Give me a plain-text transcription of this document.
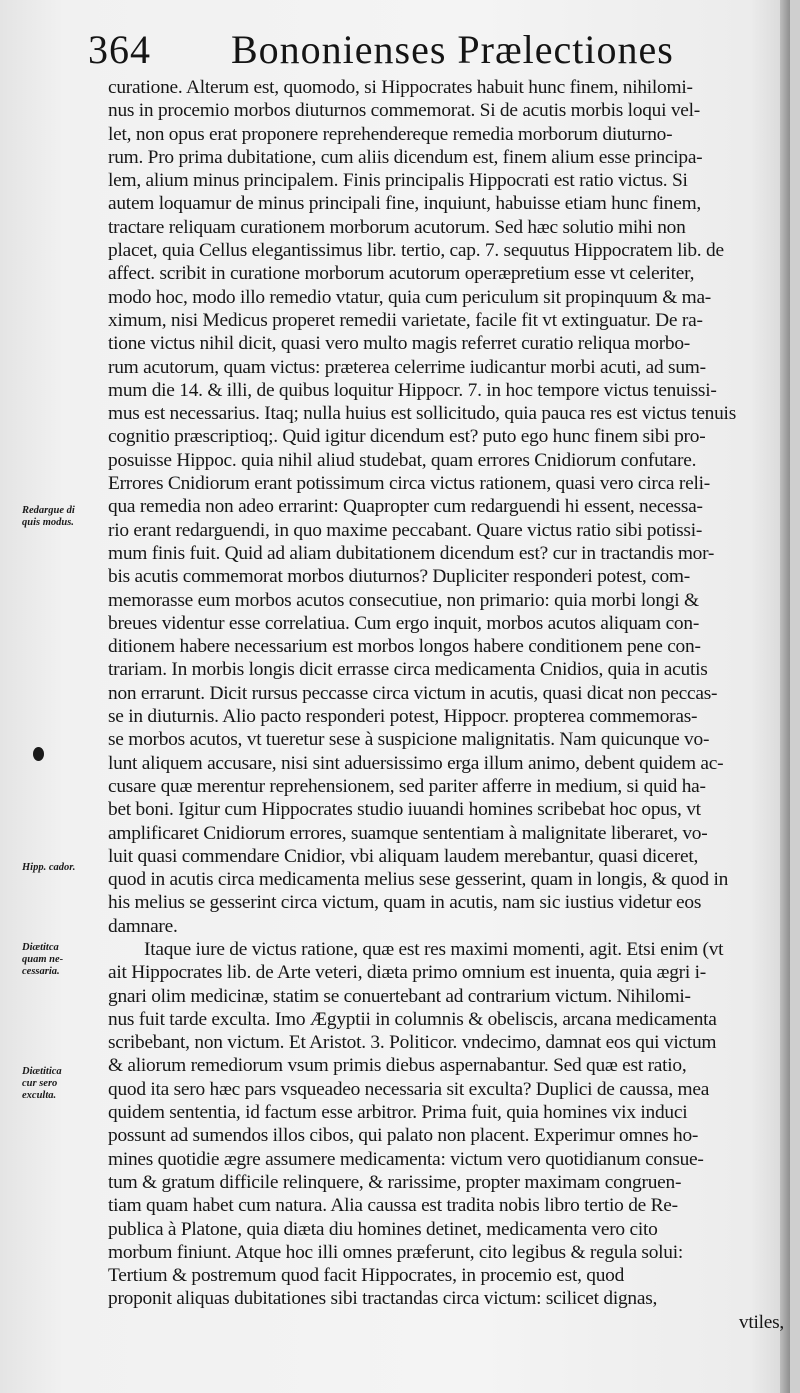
364 Bononienses Prælectiones
curatione. Alterum est, quomodo, si Hippocrates habuit hunc finem, nihilomi-
nus in procemio morbos diuturnos commemorat. Si de acutis morbis loqui vel-
let, non opus erat proponere reprehendereque remedia morborum diuturno-
rum. Pro prima dubitatione, cum aliis dicendum est, finem alium esse principa-
lem, alium minus principalem. Finis principalis Hippocrati est ratio victus. Si
autem loquamur de minus principali fine, inquiunt, habuisse etiam hunc finem,
tractare reliquam curationem morborum acutorum. Sed hæc solutio mihi non
placet, quia Cellus elegantissimus libr. tertio, cap. 7. sequutus Hippocratem lib. de
affect. scribit in curatione morborum acutorum operæpretium esse vt celeriter,
modo hoc, modo illo remedio vtatur, quia cum periculum sit propinquum & ma-
ximum, nisi Medicus properet remedii varietate, facile fit vt extinguatur. De ra-
tione victus nihil dicit, quasi vero multo magis referret curatio reliqua morbo-
rum acutorum, quam victus: præterea celerrime iudicantur morbi acuti, ad sum-
mum die 14. & illi, de quibus loquitur Hippocr. 7. in hoc tempore victus tenuissi-
mus est necessarius. Itaq; nulla huius est sollicitudo, quia pauca res est victus tenuis
cognitio præscriptioq;. Quid igitur dicendum est? puto ego hunc finem sibi pro-
posuisse Hippoc. quia nihil aliud studebat, quam errores Cnidiorum confutare.
Errores Cnidiorum erant potissimum circa victus rationem, quasi vero circa reli-
qua remedia non adeo errarint: Quapropter cum redarguendi hi essent, necessa-
rio erant redarguendi, in quo maxime peccabant. Quare victus ratio sibi potissi-
mum finis fuit. Quid ad aliam dubitationem dicendum est? cur in tractandis mor-
bis acutis commemorat morbos diuturnos? Dupliciter responderi potest, com-
memorasse eum morbos acutos consecutiue, non primario: quia morbi longi &
breues videntur esse correlatiua. Cum ergo inquit, morbos acutos aliquam con-
ditionem habere necessarium est morbos longos habere conditionem pene con-
trariam. In morbis longis dicit errasse circa medicamenta Cnidios, quia in acutis
non errarunt. Dicit rursus peccasse circa victum in acutis, quasi dicat non peccas-
se in diuturnis. Alio pacto responderi potest, Hippocr. propterea commemoras-
se morbos acutos, vt tueretur sese à suspicione malignitatis. Nam quicunque vo-
lunt aliquem accusare, nisi sint aduersissimo erga illum animo, debent quidem ac-
cusare quæ merentur reprehensionem, sed pariter afferre in medium, si quid ha-
bet boni. Igitur cum Hippocrates studio iuuandi homines scribebat hoc opus, vt
amplificaret Cnidiorum errores, suamque sententiam à malignitate liberaret, vo-
luit quasi commendare Cnidior, vbi aliquam laudem merebantur, quasi diceret,
quod in acutis circa medicamenta melius sese gesserint, quam in longis, & quod in
his melius se gesserint circa victum, quam in acutis, nam sic iustius videtur eos
damnare.
Itaque iure de victus ratione, quæ est res maximi momenti, agit. Etsi enim (vt
ait Hippocrates lib. de Arte veteri, diæta primo omnium est inuenta, quia ægri i-
gnari olim medicinæ, statim se conuertebant ad contrarium victum. Nihilomi-
nus fuit tarde exculta. Imo Ægyptii in columnis & obeliscis, arcana medicamenta
scribebant, non victum. Et Aristot. 3. Politicor. vndecimo, damnat eos qui victum
& aliorum remediorum vsum primis diebus aspernabantur. Sed quæ est ratio,
quod ita sero hæc pars vsqueadeo necessaria sit exculta? Duplici de caussa, mea
quidem sententia, id factum esse arbitror. Prima fuit, quia homines vix induci
possunt ad sumendos illos cibos, qui palato non placent. Experimur omnes ho-
mines quotidie ægre assumere medicamenta: victum vero quotidianum consue-
tum & gratum difficile relinquere, & rarissime, propter maximam congruen-
tiam quam habet cum natura. Alia caussa est tradita nobis libro tertio de Re-
publica à Platone, quia diæta diu homines detinet, medicamenta vero cito
morbum finiunt. Atque hoc illi omnes præferunt, cito legibus & regula solui:
Tertium & postremum quod facit Hippocrates, in procemio est, quod
proponit aliquas dubitationes sibi tractandas circa victum: scilicet dignas,
vtiles,
Redargue di
quis modus.
Hipp. cador.
Diætitca
quam ne-
cessaria.
Diætitica
cur sero
exculta.
